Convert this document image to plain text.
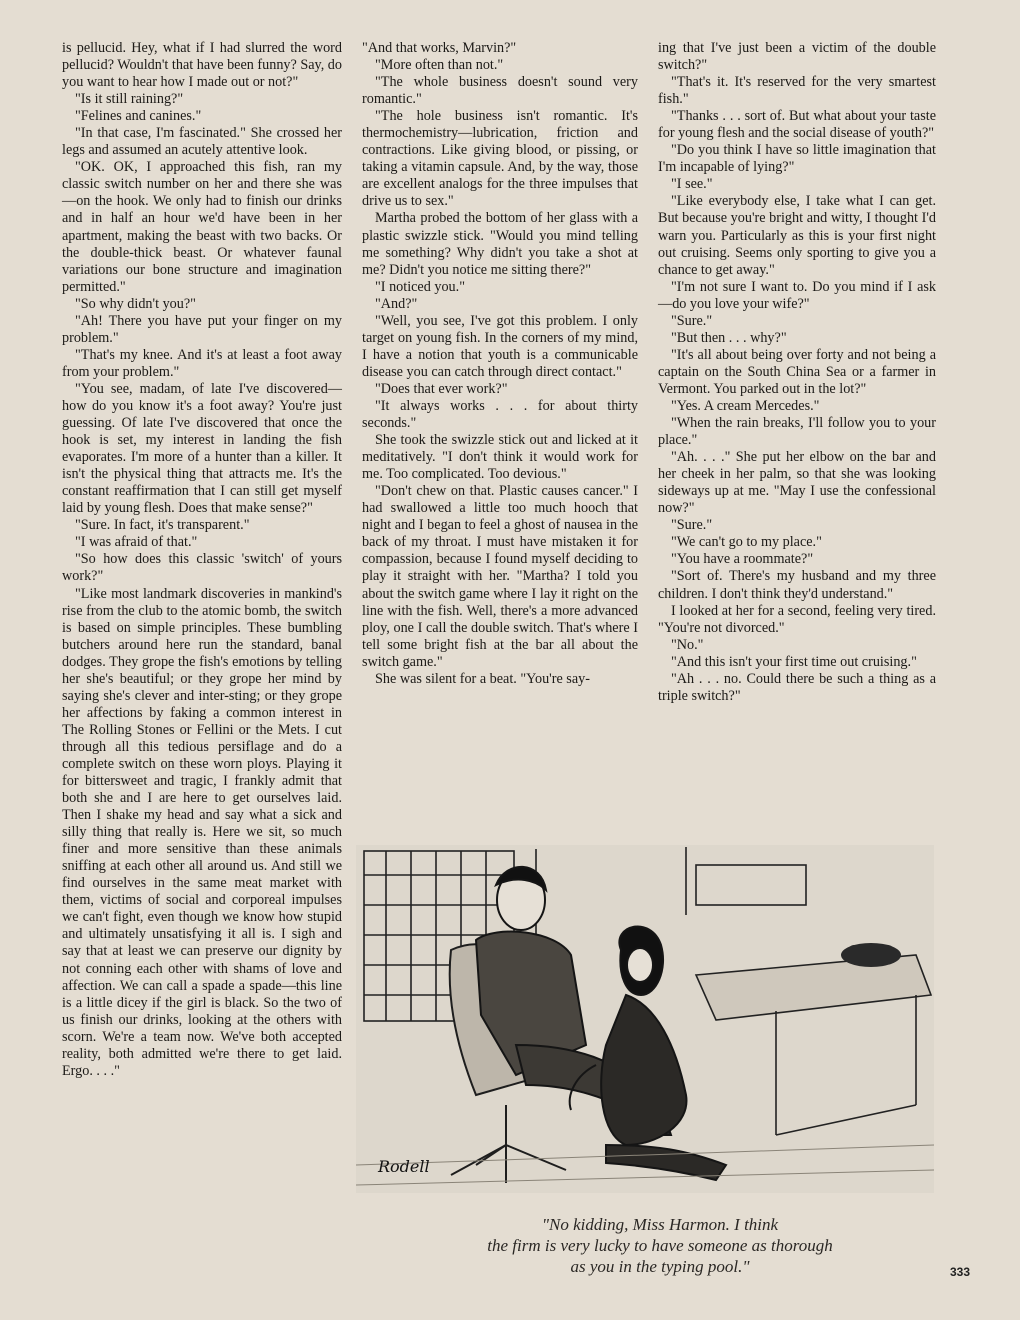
is pellucid. Hey, what if I had slurred the word pellucid? Wouldn't that have been funny? Say, do you want to hear how I made out or not?"

"Is it still raining?"

"Felines and canines."

"In that case, I'm fascinated." She crossed her legs and assumed an acutely attentive look.

"OK. OK, I approached this fish, ran my classic switch number on her and there she was—on the hook. We only had to finish our drinks and in half an hour we'd have been in her apartment, making the beast with two backs. Or the double-thick beast. Or whatever faunal variations our bone structure and imagination permitted."

"So why didn't you?"

"Ah! There you have put your finger on my problem."

"That's my knee. And it's at least a foot away from your problem."

"You see, madam, of late I've discovered—how do you know it's a foot away? You're just guessing. Of late I've discovered that once the hook is set, my interest in landing the fish evaporates. I'm more of a hunter than a killer. It isn't the physical thing that attracts me. It's the constant reaffirmation that I can still get myself laid by young flesh. Does that make sense?"

"Sure. In fact, it's transparent."

"I was afraid of that."

"So how does this classic 'switch' of yours work?"

"Like most landmark discoveries in mankind's rise from the club to the atomic bomb, the switch is based on simple principles. These bumbling butchers around here run the standard, banal dodges. They grope the fish's emotions by telling her she's beautiful; or they grope her mind by saying she's clever and inter-sting; or they grope her affections by faking a common interest in The Rolling Stones or Fellini or the Mets. I cut through all this tedious persiflage and do a complete switch on these worn ploys. Playing it for bittersweet and tragic, I frankly admit that both she and I are here to get ourselves laid. Then I shake my head and say what a sick and silly thing that really is. Here we sit, so much finer and more sensitive than these animals sniffing at each other all around us. And still we find ourselves in the same meat market with them, victims of social and corporeal impulses we can't fight, even though we know how stupid and ultimately unsatisfying it all is. I sigh and say that at least we can preserve our dignity by not conning each other with shams of love and affection. We can call a spade a spade—this line is a little dicey if the girl is black. So the two of us finish our drinks, looking at the others with scorn. We're a team now. We've both accepted reality, both admitted we're there to get laid. Ergo. . . ."

"And that works, Marvin?"

"More often than not."

"The whole business doesn't sound very romantic."

"The hole business isn't romantic. It's thermochemistry—lubrication, friction and contractions. Like giving blood, or pissing, or taking a vitamin capsule. And, by the way, those are excellent analogs for the three impulses that drive us to sex."

Martha probed the bottom of her glass with a plastic swizzle stick. "Would you mind telling me something? Why didn't you take a shot at me? Didn't you notice me sitting there?"

"I noticed you."

"And?"

"Well, you see, I've got this problem. I only target on young fish. In the corners of my mind, I have a notion that youth is a communicable disease you can catch through direct contact."

"Does that ever work?"

"It always works . . . for about thirty seconds."

She took the swizzle stick out and licked at it meditatively. "I don't think it would work for me. Too complicated. Too devious."

"Don't chew on that. Plastic causes cancer." I had swallowed a little too much hooch that night and I began to feel a ghost of nausea in the back of my throat. I must have mistaken it for compassion, because I found myself deciding to play it straight with her. "Martha? I told you about the switch game where I lay it right on the line with the fish. Well, there's a more advanced ploy, one I call the double switch. That's where I tell some bright fish at the bar all about the switch game."

She was silent for a beat. "You're say-

ing that I've just been a victim of the double switch?"

"That's it. It's reserved for the very smartest fish."

"Thanks . . . sort of. But what about your taste for young flesh and the social disease of youth?"

"Do you think I have so little imagination that I'm incapable of lying?"

"I see."

"Like everybody else, I take what I can get. But because you're bright and witty, I thought I'd warn you. Particularly as this is your first night out cruising. Seems only sporting to give you a chance to get away."

"I'm not sure I want to. Do you mind if I ask—do you love your wife?"

"Sure."

"But then . . . why?"

"It's all about being over forty and not being a captain on the South China Sea or a farmer in Vermont. You parked out in the lot?"

"Yes. A cream Mercedes."

"When the rain breaks, I'll follow you to your place."

"Ah. . . ." She put her elbow on the bar and her cheek in her palm, so that she was looking sideways up at me. "May I use the confessional now?"

"Sure."

"We can't go to my place."

"You have a roommate?"

"Sort of. There's my husband and my three children. I don't think they'd understand."

I looked at her for a second, feeling very tired. "You're not divorced."

"No."

"And this isn't your first time out cruising."

"Ah . . . no. Could there be such a thing as a triple switch?"

Rodell
"No kidding, Miss Harmon. I think
the firm is very lucky to have someone as thorough
as you in the typing pool."	333
